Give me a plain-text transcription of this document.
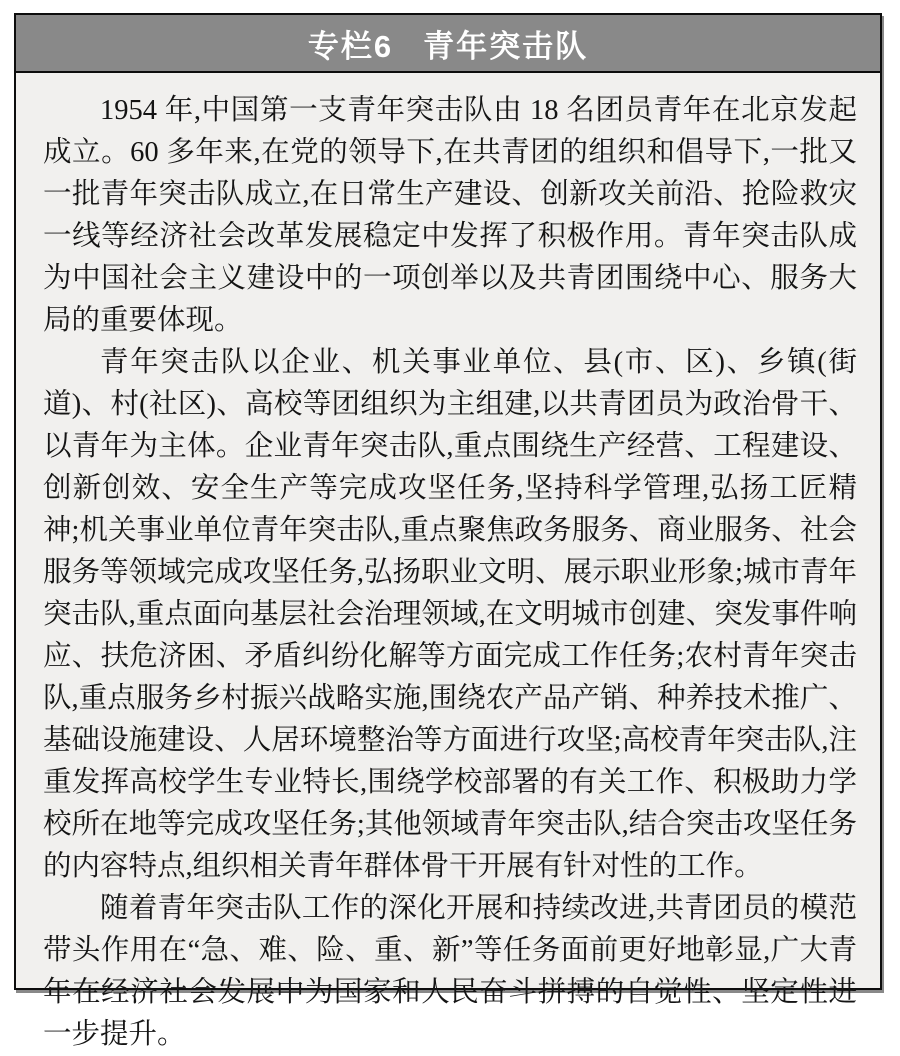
专栏6 青年突击队

1954 年,中国第一支青年突击队由 18 名团员青年在北京发起成立。60 多年来,在党的领导下,在共青团的组织和倡导下,一批又一批青年突击队成立,在日常生产建设、创新攻关前沿、抢险救灾一线等经济社会改革发展稳定中发挥了积极作用。青年突击队成为中国社会主义建设中的一项创举以及共青团围绕中心、服务大局的重要体现。

青年突击队以企业、机关事业单位、县(市、区)、乡镇(街道)、村(社区)、高校等团组织为主组建,以共青团员为政治骨干、以青年为主体。企业青年突击队,重点围绕生产经营、工程建设、创新创效、安全生产等完成攻坚任务,坚持科学管理,弘扬工匠精神;机关事业单位青年突击队,重点聚焦政务服务、商业服务、社会服务等领域完成攻坚任务,弘扬职业文明、展示职业形象;城市青年突击队,重点面向基层社会治理领域,在文明城市创建、突发事件响应、扶危济困、矛盾纠纷化解等方面完成工作任务;农村青年突击队,重点服务乡村振兴战略实施,围绕农产品产销、种养技术推广、基础设施建设、人居环境整治等方面进行攻坚;高校青年突击队,注重发挥高校学生专业特长,围绕学校部署的有关工作、积极助力学校所在地等完成攻坚任务;其他领域青年突击队,结合突击攻坚任务的内容特点,组织相关青年群体骨干开展有针对性的工作。

随着青年突击队工作的深化开展和持续改进,共青团员的模范带头作用在“急、难、险、重、新”等任务面前更好地彰显,广大青年在经济社会发展中为国家和人民奋斗拼搏的自觉性、坚定性进一步提升。
